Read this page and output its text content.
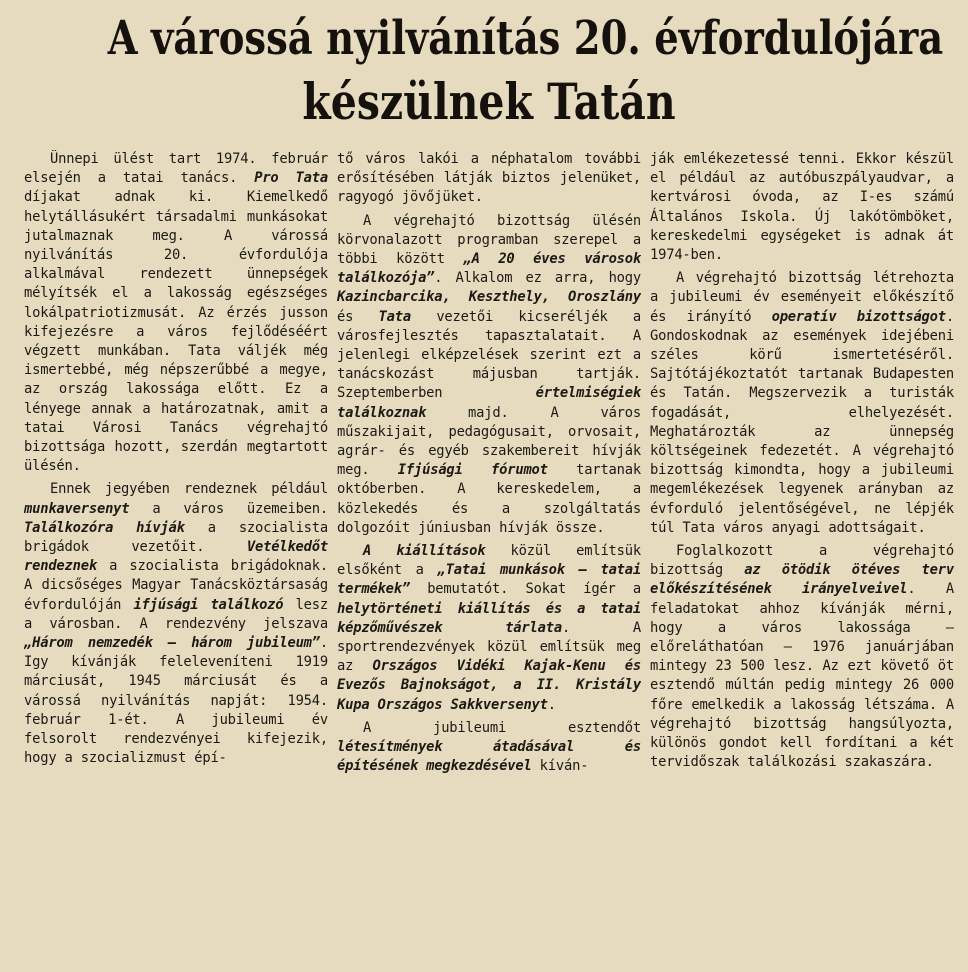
A várossá nyilvánítás 20. évfordulójára
készülnek Tatán

Ünnepi ülést tart 1974. február elsején a tatai tanács. Pro Tata díjakat adnak ki. Kiemelkedő helytállásukért társadalmi munkásokat jutalmaznak meg. A várossá nyilvánítás 20. évfordulója alkalmával rendezett ünnepségek mélyítsék el a lakosság egészséges lokálpatriotizmusát. Az érzés jusson kifejezésre a város fejlődéséért végzett munkában. Tata váljék még ismertebbé, még népszerűbbé a megye, az ország lakossága előtt. Ez a lényege annak a határozatnak, amit a tatai Városi Tanács végrehajtó bizottsága hozott, szerdán megtartott ülésén.

Ennek jegyében rendeznek például munkaversenyt a város üzemeiben. Találkozóra hívják a szocialista brigádok vezetőit. Vetélkedőt rendeznek a szocialista brigádoknak. A dicsőséges Magyar Tanácsköztársaság évfordulóján ifjúsági találkozó lesz a városban. A rendezvény jelszava „Három nemzedék — három jubileum”. Igy kívánják feleleveníteni 1919 márciusát, 1945 márciusát és a várossá nyilvánítás napját: 1954. február 1-ét. A jubileumi év felsorolt rendezvényei kifejezik, hogy a szocializmust épí-

tő város lakói a néphatalom további erősítésében látják biztos jelenüket, ragyogó jövőjüket.

A végrehajtó bizottság ülésén körvonalazott programban szerepel a többi között „A 20 éves városok találkozója”. Alkalom ez arra, hogy Kazincbarcika, Keszthely, Oroszlány és Tata vezetői kicseréljék a városfejlesztés tapasztalatait. A jelenlegi elképzelések szerint ezt a tanácskozást májusban tartják. Szeptemberben értelmiségiek találkoznak majd. A város műszakijait, pedagógusait, orvosait, agrár- és egyéb szakembereit hívják meg. Ifjúsági fórumot tartanak októberben. A kereskedelem, a közlekedés és a szolgáltatás dolgozóit júniusban hívják össze.

A kiállítások közül említsük elsőként a „Tatai munkások — tatai termékek” bemutatót. Sokat ígér a helytörténeti kiállítás és a tatai képzőművészek tárlata. A sportrendezvények közül említsük meg az Országos Vidéki Kajak-Kenu és Evezős Bajnokságot, a II. Kristály Kupa Országos Sakkversenyt.

A jubileumi esztendőt létesítmények átadásával és építésének megkezdésével kíván-

ják emlékezetessé tenni. Ekkor készül el például az autóbuszpályaudvar, a kertvárosi óvoda, az I-es számú Általános Iskola. Új lakótömböket, kereskedelmi egységeket is adnak át 1974-ben.

A végrehajtó bizottság létrehozta a jubileumi év eseményeit előkészítő és irányító operatív bizottságot. Gondoskodnak az események idejébeni széles körű ismertetéséről. Sajtótájékoztatót tartanak Budapesten és Tatán. Megszervezik a turisták fogadását, elhelyezését. Meghatározták az ünnepség költségeinek fedezetét. A végrehajtó bizottság kimondta, hogy a jubileumi megemlékezések legyenek arányban az évforduló jelentőségével, ne lépjék túl Tata város anyagi adottságait.

Foglalkozott a végrehajtó bizottság az ötödik ötéves terv előkészítésének irányelveivel. A feladatokat ahhoz kívánják mérni, hogy a város lakossága — előreláthatóan — 1976 januárjában mintegy 23 500 lesz. Az ezt követő öt esztendő múltán pedig mintegy 26 000 főre emelkedik a lakosság létszáma. A végrehajtó bizottság hangsúlyozta, különös gondot kell fordítani a két tervidőszak találkozási szakaszára.
